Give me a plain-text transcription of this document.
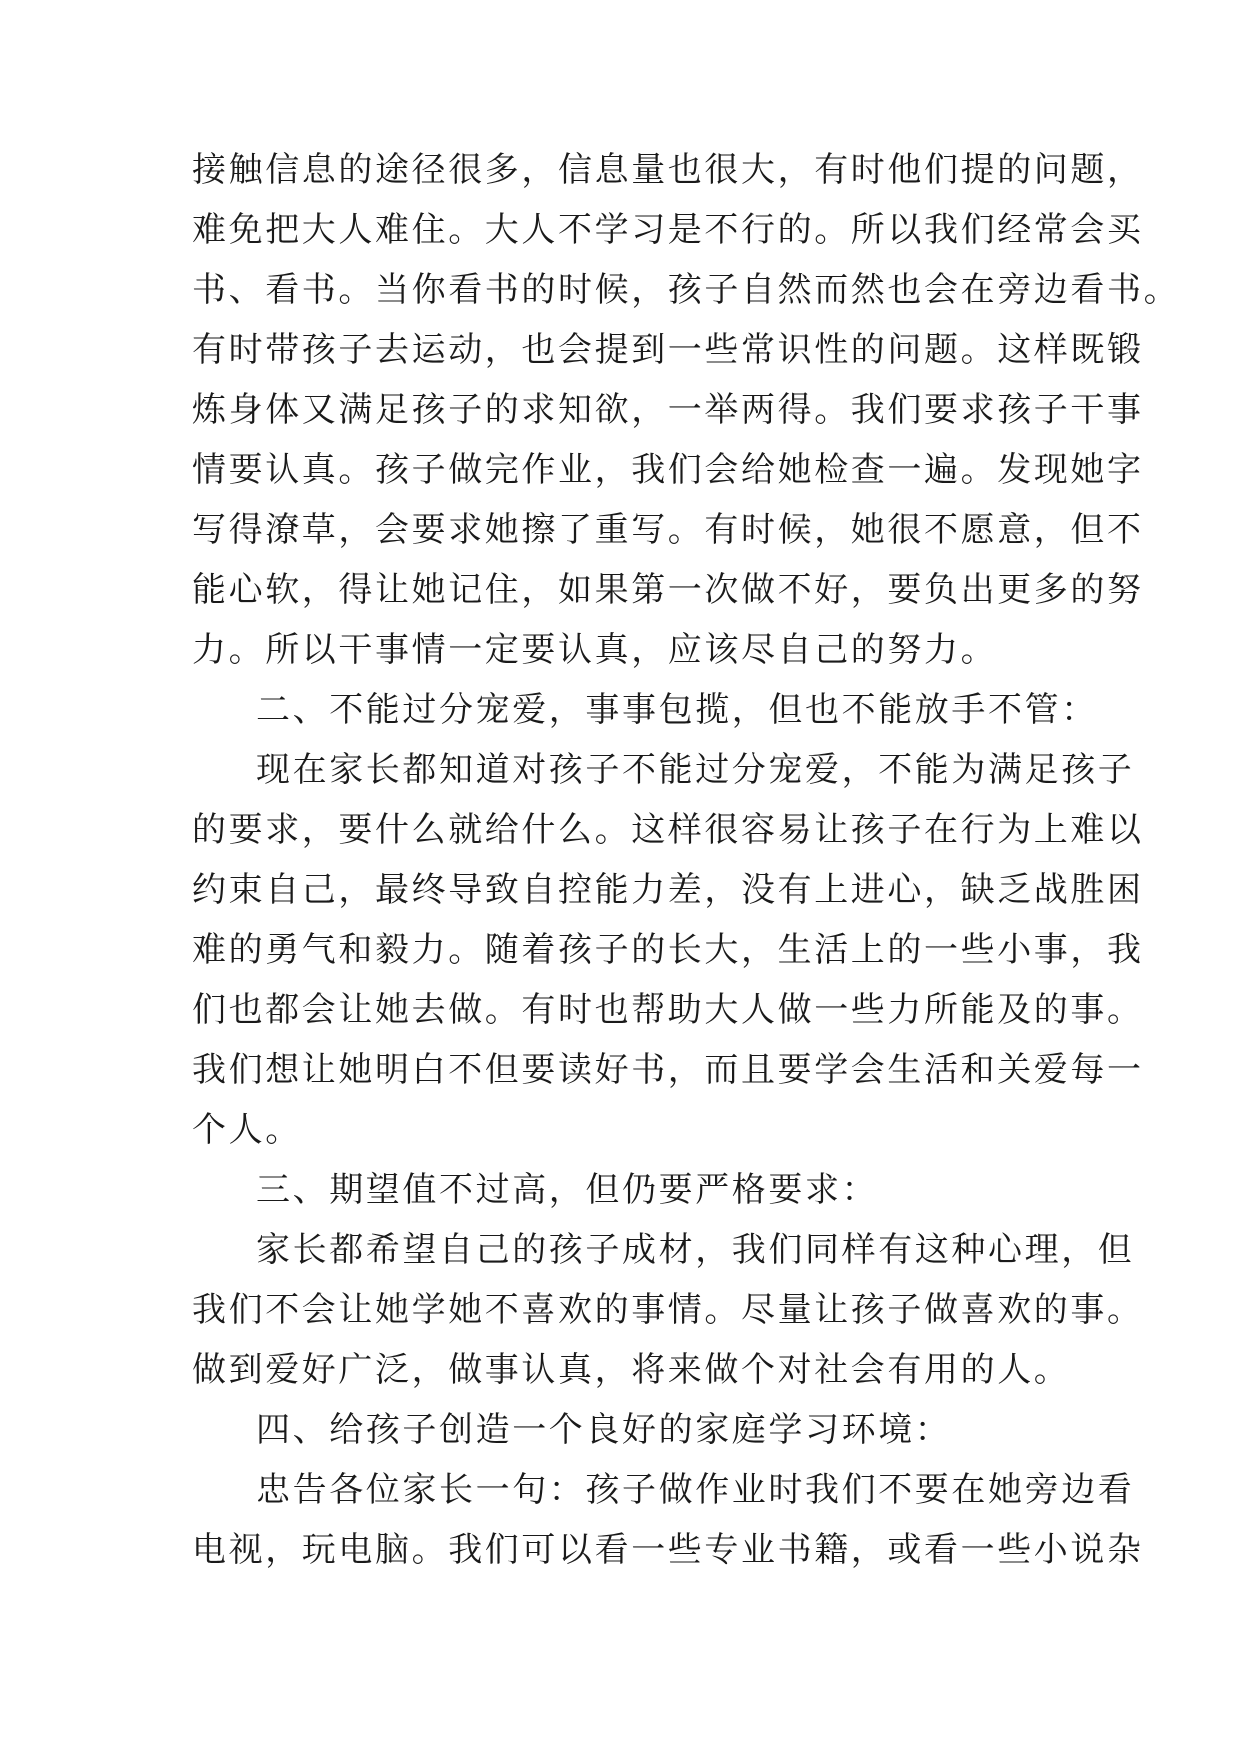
接触信息的途径很多，信息量也很大，有时他们提的问题，
难免把大人难住。大人不学习是不行的。所以我们经常会买
书、看书。当你看书的时候，孩子自然而然也会在旁边看书。
有时带孩子去运动，也会提到一些常识性的问题。这样既锻
炼身体又满足孩子的求知欲，一举两得。我们要求孩子干事
情要认真。孩子做完作业，我们会给她检查一遍。发现她字
写得潦草，会要求她擦了重写。有时候，她很不愿意，但不
能心软，得让她记住，如果第一次做不好，要负出更多的努
力。所以干事情一定要认真，应该尽自己的努力。
二、不能过分宠爱，事事包揽，但也不能放手不管：
现在家长都知道对孩子不能过分宠爱，不能为满足孩子
的要求，要什么就给什么。这样很容易让孩子在行为上难以
约束自己，最终导致自控能力差，没有上进心，缺乏战胜困
难的勇气和毅力。随着孩子的长大，生活上的一些小事，我
们也都会让她去做。有时也帮助大人做一些力所能及的事。
我们想让她明白不但要读好书，而且要学会生活和关爱每一
个人。
三、期望值不过高，但仍要严格要求：
家长都希望自己的孩子成材，我们同样有这种心理，但
我们不会让她学她不喜欢的事情。尽量让孩子做喜欢的事。
做到爱好广泛，做事认真，将来做个对社会有用的人。
四、给孩子创造一个良好的家庭学习环境：
忠告各位家长一句：孩子做作业时我们不要在她旁边看
电视，玩电脑。我们可以看一些专业书籍，或看一些小说杂
